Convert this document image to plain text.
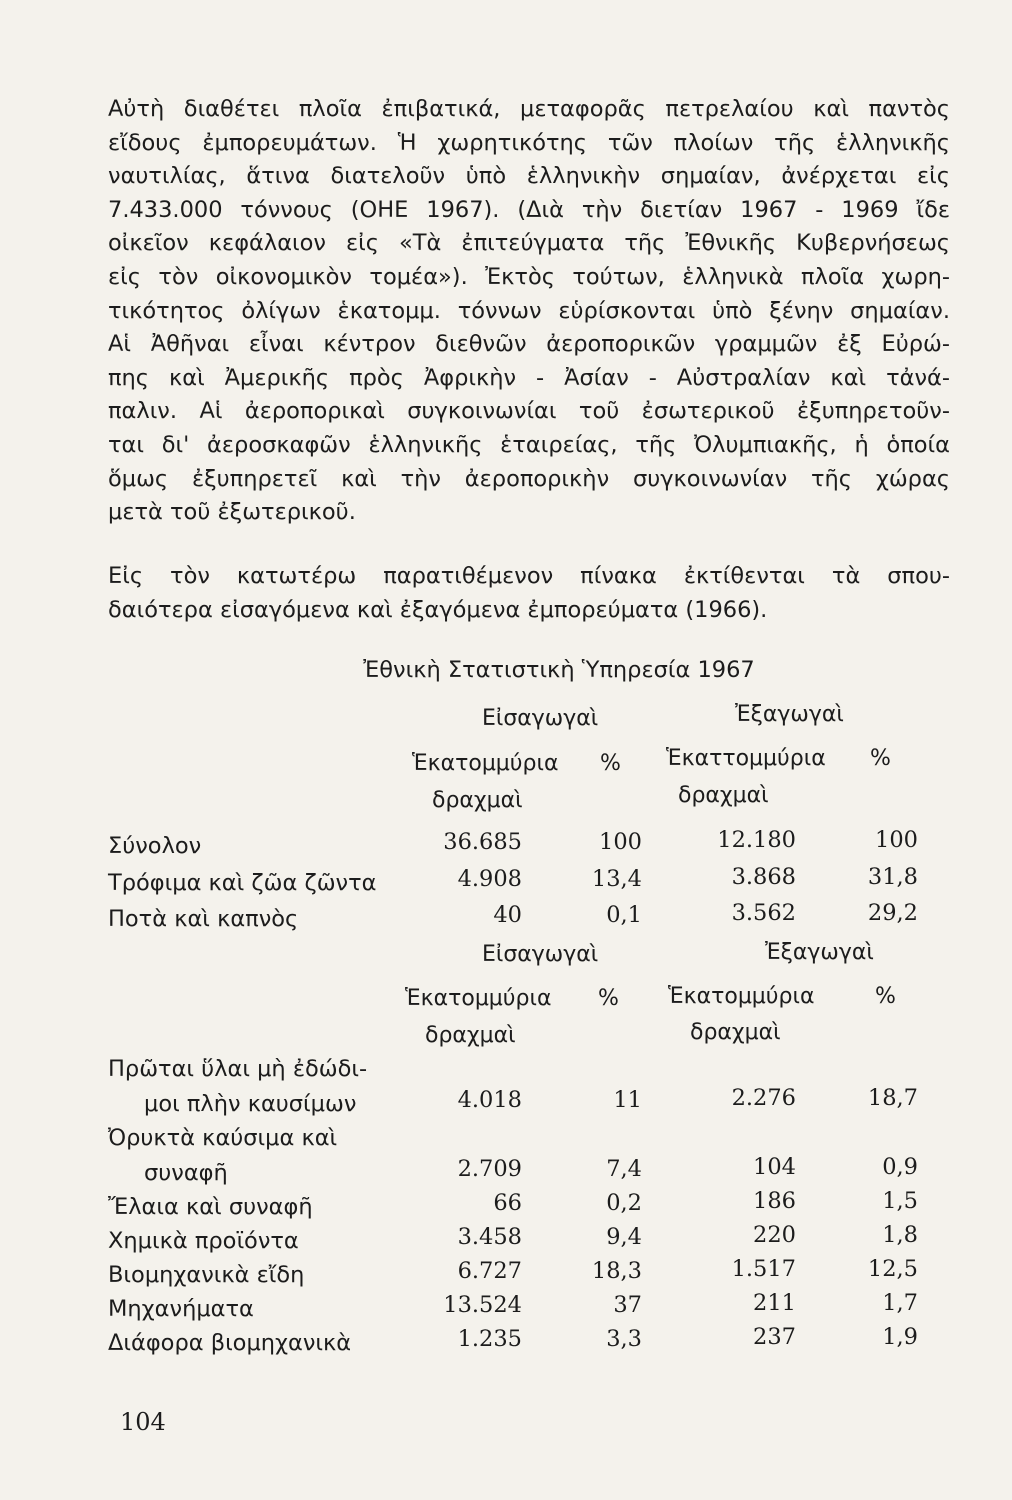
Αὐτὴ διαθέτει πλοῖα ἐπιβατικά, μεταφορᾶς πετρελαίου καὶ παντὸς
εἴδους ἐμπορευμάτων. Ἡ χωρητικότης τῶν πλοίων τῆς ἑλληνικῆς
ναυτιλίας, ἅτινα διατελοῦν ὑπὸ ἑλληνικὴν σημαίαν, ἀνέρχεται εἰς
7.433.000 τόννους (ΟΗΕ 1967). (Διὰ τὴν διετίαν 1967 - 1969 ἴδε
οἰκεῖον κεφάλαιον εἰς «Τὰ ἐπιτεύγματα τῆς Ἐθνικῆς Κυβερνήσεως
εἰς τὸν οἰκονομικὸν τομέα»). Ἐκτὸς τούτων, ἑλληνικὰ πλοῖα χωρη-
τικότητος ὀλίγων ἑκατομμ. τόννων εὑρίσκονται ὑπὸ ξένην σημαίαν.
Αἱ Ἀθῆναι εἶναι κέντρον διεθνῶν ἀεροπορικῶν γραμμῶν ἐξ Εὐρώ-
πης καὶ Ἀμερικῆς πρὸς Ἀφρικὴν - Ἀσίαν - Αὐστραλίαν καὶ τἀνά-
παλιν. Αἱ ἀεροπορικαὶ συγκοινωνίαι τοῦ ἐσωτερικοῦ ἐξυπηρετοῦν-
ται δι' ἀεροσκαφῶν ἑλληνικῆς ἑταιρείας, τῆς Ὀλυμπιακῆς, ἡ ὁποία
ὅμως ἐξυπηρετεῖ καὶ τὴν ἀεροπορικὴν συγκοινωνίαν τῆς χώρας
μετὰ τοῦ ἐξωτερικοῦ.
Εἰς τὸν κατωτέρω παρατιθέμενον πίνακα ἐκτίθενται τὰ σπου-
δαιότερα εἰσαγόμενα καὶ ἐξαγόμενα ἐμπορεύματα (1966).
Ἐθνικὴ Στατιστικὴ Ὑπηρεσία 1967
Εἰσαγωγαὶ	Ἐξαγωγαὶ
Ἑκατομμύρια % Ἑκαττομμύρια %
δραχμαὶ	δραχμαὶ
Σύνολον	36.685	100	12.180	100
Τρόφιμα καὶ ζῶα ζῶντα	4.908	13,4	3.868	31,8
Ποτὰ καὶ καπνὸς	40	0,1	3.562	29,2
Εἰσαγωγαὶ	Ἐξαγωγαὶ
Ἑκατομμύρια % Ἑκατομμύρια	%
δραχμαὶ	δραχμαὶ
Πρῶται ὕλαι μὴ ἐδώδι-
μοι πλὴν καυσίμων	4.018	11	2.276	18,7
Ὀρυκτὰ καύσιμα καὶ
συναφῆ	2.709	7,4	104	0,9
Ἔλαια καὶ συναφῆ	66	0,2	186	1,5
Χημικὰ προϊόντα	3.458	9,4	220	1,8
Βιομηχανικὰ εἴδη	6.727	18,3	1.517	12,5
Μηχανήματα	13.524	37	211	1,7
Διάφορα βιομηχανικὰ	1.235	3,3	237	1,9
104
